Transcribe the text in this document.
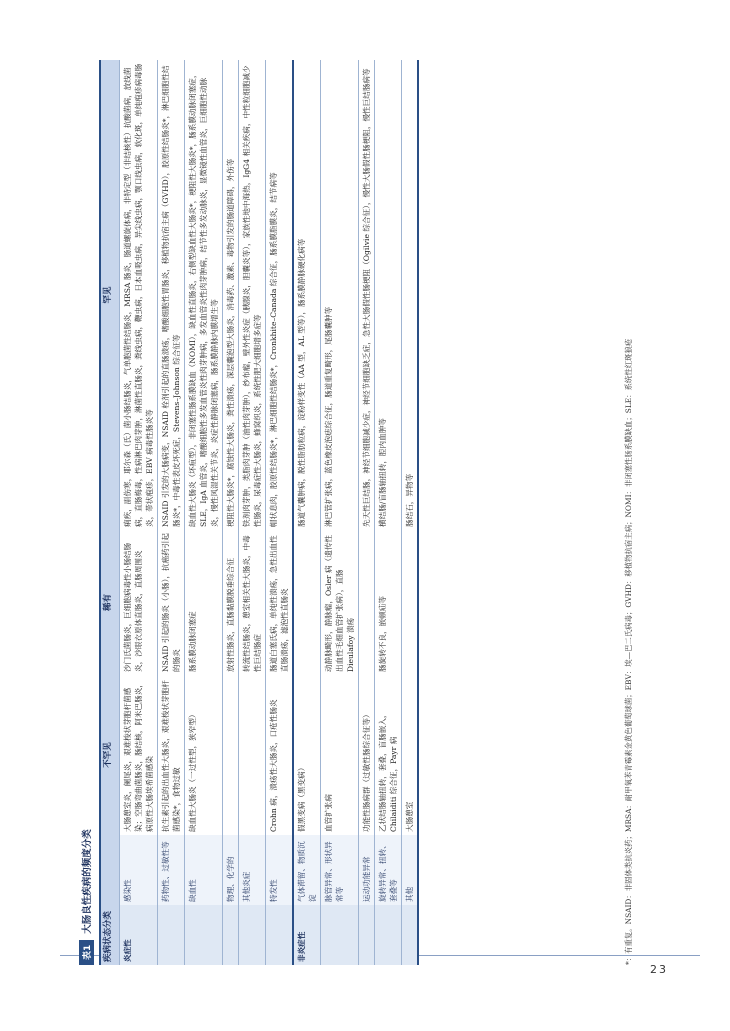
23
表1
大肠良性疾病的频度分类
疾病状态分类		不罕见	稀有	罕见
炎症性	感染性	大肠憩室炎，阑尾炎，艰难梭状芽胞杆菌感染；空肠弯曲菌肠炎，肠结核，阿米巴肠炎，病原性大肠埃希菌感染	沙门氏菌肠炎，巨细胞病毒性小肠结肠炎，沙眼衣原体直肠炎，直肠周围炎	痢疾，副伤寒，耶尔森（氏）菌小肠结肠炎，气单胞菌性结肠炎，MRSA 肠炎，肠道螺旋体病，非特定型（非结核性）抗酸菌病，放线菌病，直肠梅毒，性病淋巴肉芽肿，淋菌性直肠炎，粪线虫病，鞭虫病，日本血吸虫病，异尖线虫病，颚口线虫病，软化斑，单纯疱疹病毒肠炎，带状疱疹，EBV 病毒性肠炎等
	药物性、过敏性等	抗生素引起的出血性大肠炎，艰难梭状芽胞杆菌感染*，食物过敏	NSAID 引起的肠炎（小肠），抗癌药引起的肠炎	NSAID 引发的大肠病变，NSAID 栓剂引起的直肠溃疡，嗜酸细胞性胃肠炎，移植物抗宿主病（GVHD），胶原性结肠炎*，淋巴细胞性结肠炎*，中毒性表皮坏死症，Stevens–Johnson 综合征等
	缺血性	缺血性大肠炎（一过性型，狭窄型）	肠系膜动脉闭塞症	缺血性大肠炎（坏疽型），非闭塞性肠系膜缺血（NOMI），缺血性直肠炎，右侧型缺血性大肠炎*，梗阻性大肠炎*，肠系膜动脉闭塞症，SLE，IgA 血管炎，嗜酸细胞性多发血管炎性肉芽肿病，多发血管炎性肉芽肿病，结节性多发动脉炎，显微镜性血管炎，巨细胞性动脉炎，慢性风湿性关节炎，炎症性静脉闭塞病，肠系膜静脉内膜增生等
	物理、化学的		放射性肠炎，直肠黏膜脱垂综合征	梗阻性大肠炎*，腐蚀性大肠炎，粪性溃疡，深层囊泡型大肠炎，消毒药、激素、毒物引发的肠道障碍，外伤等
	其他炎症		转流性结肠炎，憩室相关性大肠炎，中毒性巨结肠症	铁剂肉芽肿，类脂肉芽肿（油性肉芽肿），纱布瘤，壁外性炎症（胰腺炎，胆囊炎等），家族性地中海热，IgG4 相关疾病，中性粒细胞减少性肠炎，尿毒症性大肠炎，蜂窝织炎，系统性肥大细胞增多症等
	特发性	Crohn 病，溃疡性大肠炎，口疮性肠炎	肠道白塞氏病，单纯性溃疡，急性出血性直肠溃疡，滤泡性直肠炎	帽状息肉，胶原性结肠炎*，淋巴细胞性结肠炎*，Cronkhite–Canada 综合征，肠系膜脂膜炎，结节病等
非炎症性	气体滞留、物质沉淀	假黑变病（黑变病）		肠道气囊肿病，脱性脂肪粒病，淀粉样变性（AA 型，AL 型等），肠系膜静脉硬化病等
	脉管异常、形状异常等	血管扩张病	动静脉畸形，静脉瘤，Osler 病（遗传性出血性毛细血管扩张病），直肠 Dieulafoy 溃疡	淋巴管扩张病，蓝色橡皮泡痣综合征，肠道重复畸形，尾肠囊肿等
	运动功能异常	功能性肠病群（过敏性肠综合征等）		先天性巨结肠，神经节细胞减少症，神经节细胞缺乏症，急性大肠假性肠梗阻（Ogilvie 综合征），慢性大肠假性肠梗阻，慢性巨结肠病等
	旋转异常、扭转、套叠等	乙状结肠轴扭转，套叠，盲肠嵌入，Chilaiditi 综合征，Payr 病	肠旋转不良，嵌顿疝等	横结肠/盲肠轴扭转，腔内血肿等
	其他	大肠憩室		肠结石，异物等	*：有重复。NSAID：非固体类抗炎药；MRSA：耐甲氧苯青霉素金黄色葡萄球菌；EBV：埃—巴二氏病毒；GVHD：移植物抗宿主病；NOMI：非闭塞性肠系膜缺血；SLE：系统性红斑狼疮
